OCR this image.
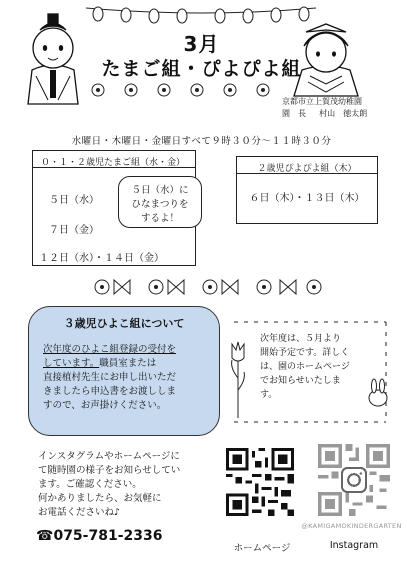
3月
たまご組・ぴよぴよ組
京都市立上賀茂幼稚園
園　長 村山　徳太朗
水曜日・木曜日・金曜日すべて９時３０分～１１時３０分
０・１・２歳児たまご組（水・金）
５日（水）
７日（金）
１２日（水）・１４日（金）
５日（水）に
ひなまつりを
するよ！
２歳児ぴよぴよ組（木）
６日（木）・１３日（木）
３歳児ひよこ組について
次年度のひよこ組登録の受付を
しています。職員室または
直接植村先生にお申し出いただ
きましたら申込書をお渡ししま
すので、お声掛けください。
次年度は、５月より
開始予定です。詳しく
は、園のホームページ
でお知らせいたしま
す。
インスタグラムやホームページに
て随時園の様子をお知らせしてい
ます。ご確認ください。
何かありましたら、お気軽に
お電話くださいね♪
☎075-781-2336
@KAMIGAMOKINDERGARTEN
ホームページ	Instagram
